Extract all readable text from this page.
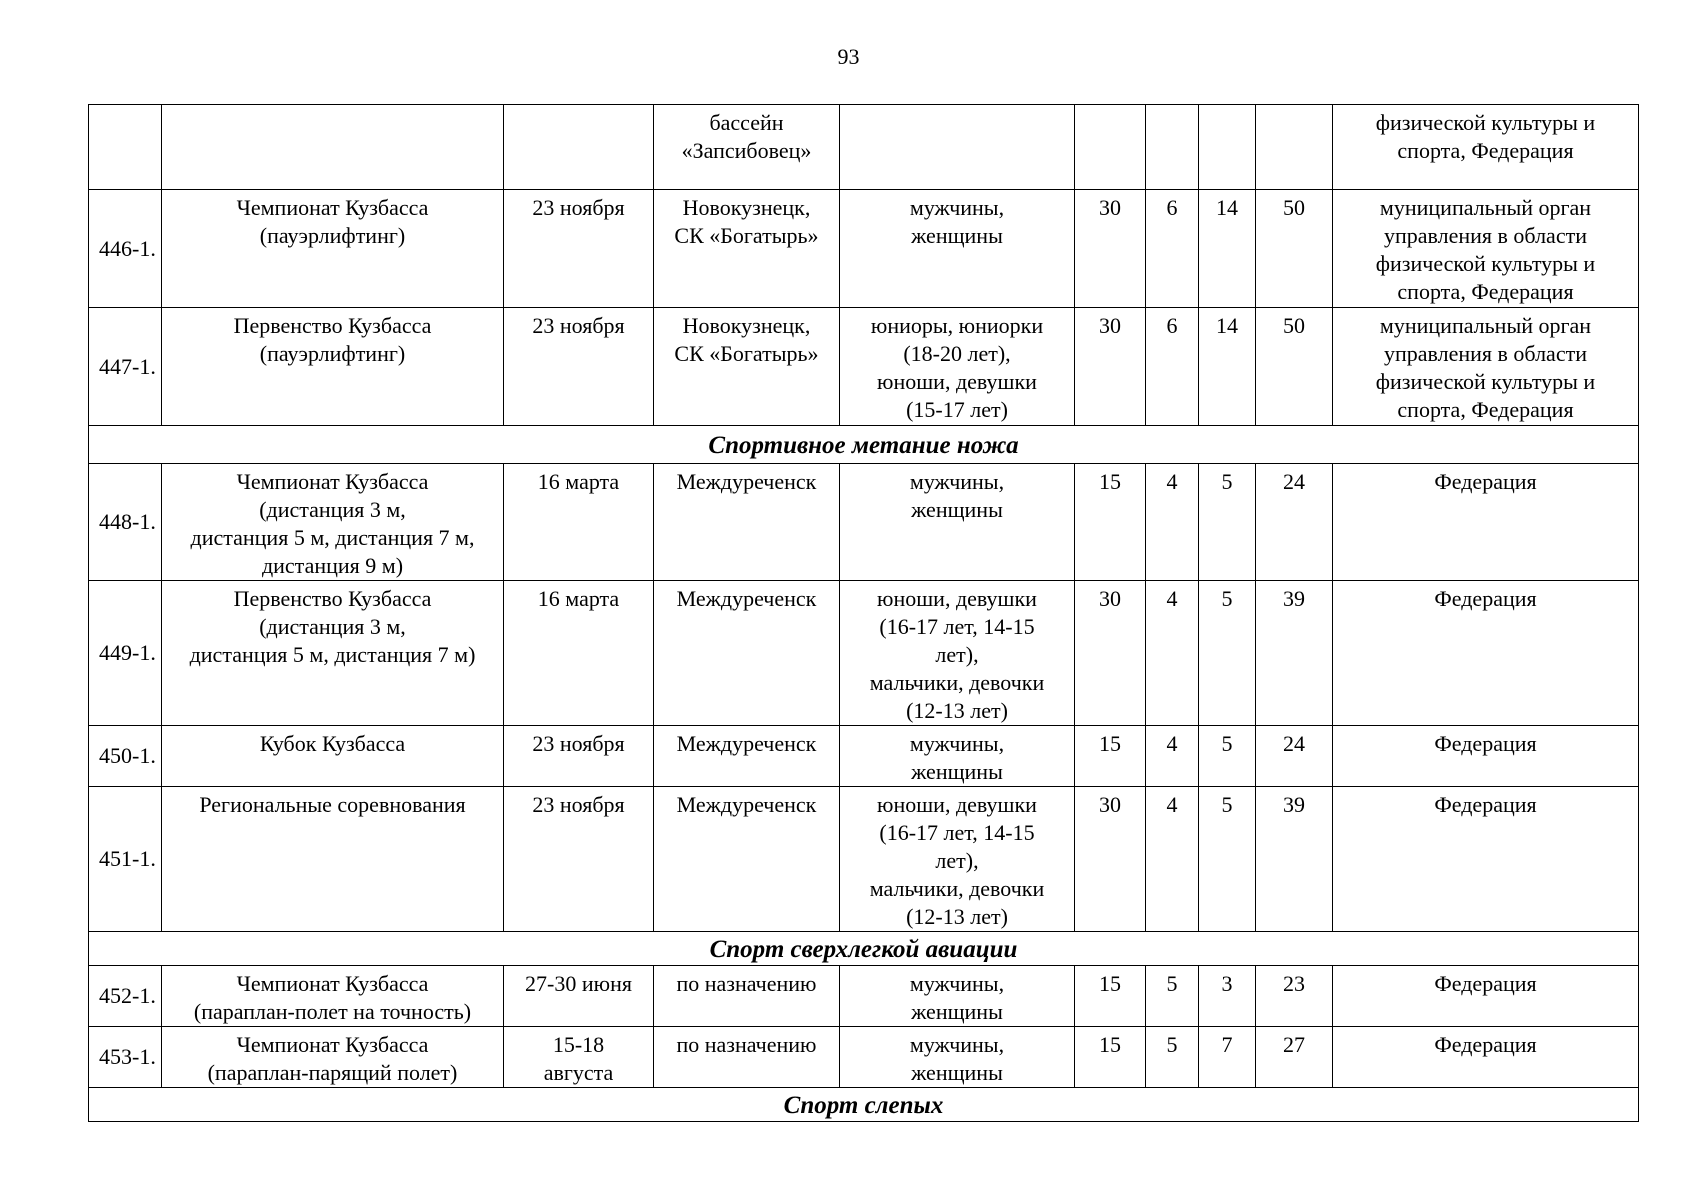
93
			бассейн
«Запсибовец»						физической культуры и
спорта, Федерация
446-1.	Чемпионат Кузбасса
(пауэрлифтинг)	23 ноября	Новокузнецк,
СК «Богатырь»	мужчины,
женщины	30	6	14	50	муниципальный орган
управления в области
физической культуры и
спорта, Федерация
447-1.	Первенство Кузбасса
(пауэрлифтинг)	23 ноября	Новокузнецк,
СК «Богатырь»	юниоры, юниорки
(18-20 лет),
юноши, девушки
(15-17 лет)	30	6	14	50	муниципальный орган
управления в области
физической культуры и
спорта, Федерация
Спортивное метание ножа									
448-1.	Чемпионат Кузбасса
(дистанция 3 м,
дистанция 5 м, дистанция 7 м,
дистанция 9 м)	16 марта	Междуреченск	мужчины,
женщины	15	4	5	24	Федерация
449-1.	Первенство Кузбасса
(дистанция 3 м,
дистанция 5 м, дистанция 7 м)	16 марта	Междуреченск	юноши, девушки
(16-17 лет, 14-15
лет),
мальчики, девочки
(12-13 лет)	30	4	5	39	Федерация
450-1.	Кубок Кузбасса	23 ноября	Междуреченск	мужчины,
женщины	15	4	5	24	Федерация
451-1.	Региональные соревнования	23 ноября	Междуреченск	юноши, девушки
(16-17 лет, 14-15
лет),
мальчики, девочки
(12-13 лет)	30	4	5	39	Федерация
Спорт сверхлегкой авиации									
452-1.	Чемпионат Кузбасса
(параплан-полет на точность)	27-30 июня	по назначению	мужчины,
женщины	15	5	3	23	Федерация
453-1.	Чемпионат Кузбасса
(параплан-парящий полет)	15-18
августа	по назначению	мужчины,
женщины	15	5	7	27	Федерация
Спорт слепых									
